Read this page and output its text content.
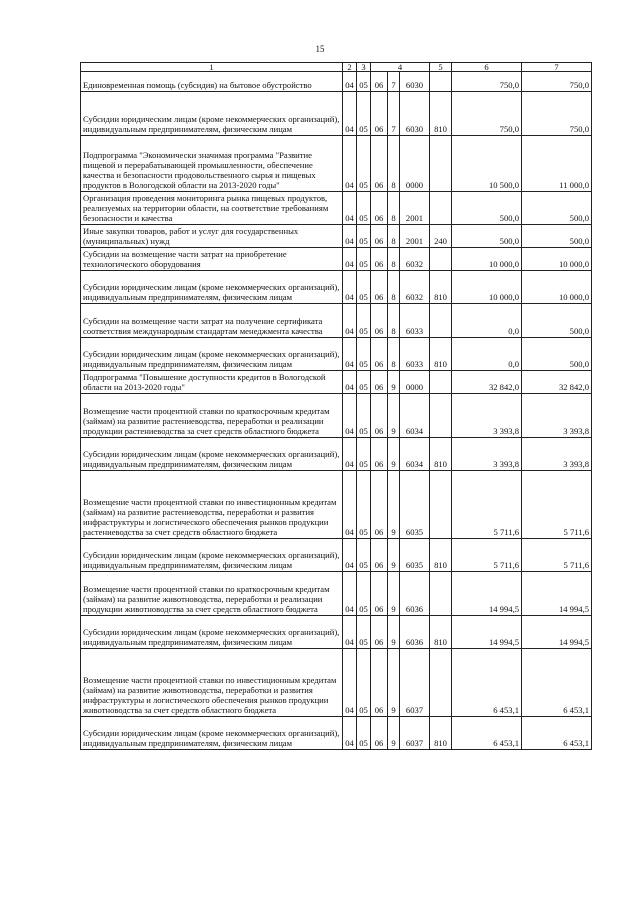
15
1	2	3	4			5	6	7
Единовременная помощь (субсидия) на бытовое обустройство	04	05	06	7	6030		750,0	750,0
Субсидии юридическим лицам (кроме некоммерческих организаций), индивидуальным предпринимателям, физическим лицам	04	05	06	7	6030	810	750,0	750,0
Подпрограмма "Экономически значимая программа "Развитие пищевой и перерабатывающей промышленности, обеспечение качества и безопасности продовольственного сырья и пищевых продуктов в Вологодской области на 2013-2020 годы"	04	05	06	8	0000		10 500,0	11 000,0
Организация проведения мониторинга рынка пищевых продуктов, реализуемых на территории области, на соответствие требованиям безопасности и качества	04	05	06	8	2001		500,0	500,0
Иные закупки товаров, работ и услуг для государственных (муниципальных) нужд	04	05	06	8	2001	240	500,0	500,0
Субсидии на возмещение части затрат на приобретение технологического оборудования	04	05	06	8	6032		10 000,0	10 000,0
Субсидии юридическим лицам (кроме некоммерческих организаций), индивидуальным предпринимателям, физическим лицам	04	05	06	8	6032	810	10 000,0	10 000,0
Субсидии на возмещение части затрат на получение сертификата соответствия международным стандартам менеджмента качества	04	05	06	8	6033		0,0	500,0
Субсидии юридическим лицам (кроме некоммерческих организаций), индивидуальным предпринимателям, физическим лицам	04	05	06	8	6033	810	0,0	500,0
Подпрограмма "Повышение доступности кредитов в Вологодской области на 2013-2020 годы"	04	05	06	9	0000		32 842,0	32 842,0
Возмещение части процентной ставки по краткосрочным кредитам (займам) на развитие растениеводства, переработки и реализации продукции растениеводства за счет средств областного бюджета	04	05	06	9	6034		3 393,8	3 393,8
Субсидии юридическим лицам (кроме некоммерческих организаций), индивидуальным предпринимателям, физическим лицам	04	05	06	9	6034	810	3 393,8	3 393,8
Возмещение части процентной ставки по инвестиционным кредитам (займам) на развитие растениеводства, переработки и развития инфраструктуры и логистического обеспечения рынков продукции растениеводства за счет средств областного бюджета	04	05	06	9	6035		5 711,6	5 711,6
Субсидии юридическим лицам (кроме некоммерческих организаций), индивидуальным предпринимателям, физическим лицам	04	05	06	9	6035	810	5 711,6	5 711,6
Возмещение части процентной ставки по краткосрочным кредитам (займам) на развитие животноводства, переработки и реализации продукции животноводства за счет средств областного бюджета	04	05	06	9	6036		14 994,5	14 994,5
Субсидии юридическим лицам (кроме некоммерческих организаций), индивидуальным предпринимателям, физическим лицам	04	05	06	9	6036	810	14 994,5	14 994,5
Возмещение части процентной ставки по инвестиционным кредитам (займам) на развитие животноводства, переработки и развития инфраструктуры и логистического обеспечения рынков продукции животноводства за счет средств областного бюджета	04	05	06	9	6037		6 453,1	6 453,1
Субсидии юридическим лицам (кроме некоммерческих организаций), индивидуальным предпринимателям, физическим лицам	04	05	06	9	6037	810	6 453,1	6 453,1
